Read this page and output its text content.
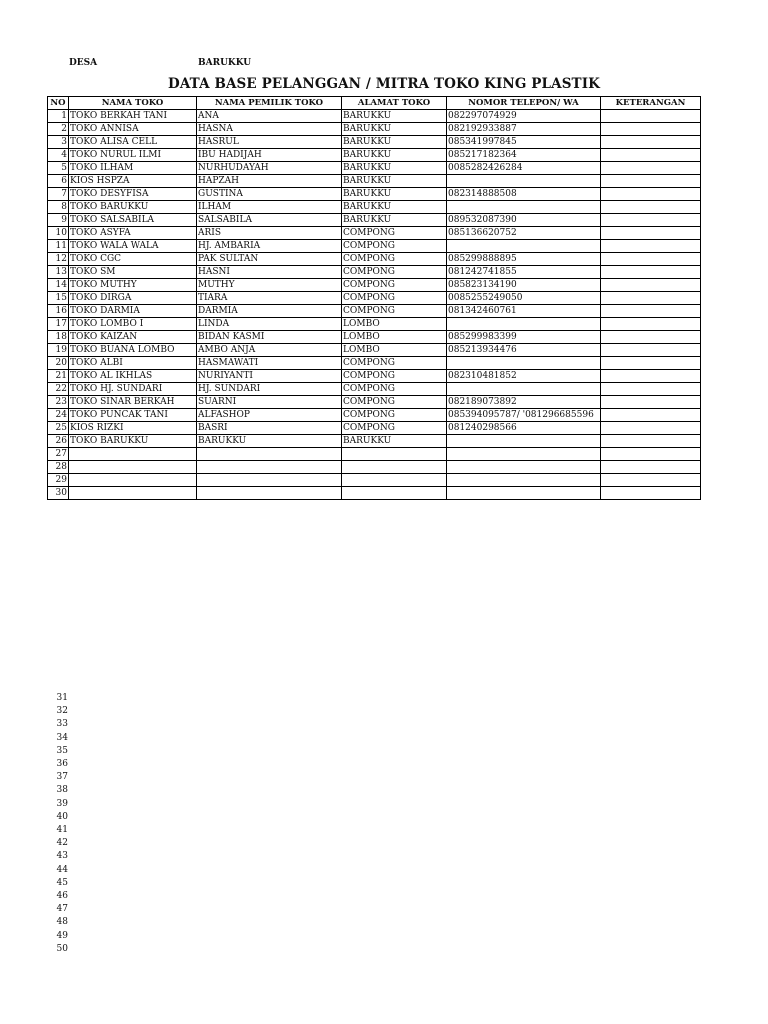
DESA	BARUKKU
DATA BASE PELANGGAN / MITRA TOKO KING PLASTIK
NO	NAMA TOKO	NAMA PEMILIK TOKO	ALAMAT TOKO	NOMOR TELEPON/ WA	KETERANGAN
1	TOKO BERKAH TANI	ANA	BARUKKU	082297074929	
2	TOKO ANNISA	HASNA	BARUKKU	082192933887	
3	TOKO ALISA CELL	HASRUL	BARUKKU	085341997845	
4	TOKO NURUL ILMI	IBU HADIJAH	BARUKKU	085217182364	
5	TOKO ILHAM	NURHUDAYAH	BARUKKU	0085282426284	
6	KIOS HSPZA	HAPZAH	BARUKKU		
7	TOKO DESYFISA	GUSTINA	BARUKKU	082314888508	
8	TOKO BARUKKU	ILHAM	BARUKKU		
9	TOKO SALSABILA	SALSABILA	BARUKKU	089532087390	
10	TOKO ASYFA	ARIS	COMPONG	085136620752	
11	TOKO WALA WALA	HJ. AMBARIA	COMPONG		
12	TOKO CGC	PAK SULTAN	COMPONG	085299888895	
13	TOKO SM	HASNI	COMPONG	081242741855	
14	TOKO MUTHY	MUTHY	COMPONG	085823134190	
15	TOKO DIRGA	TIARA	COMPONG	0085255249050	
16	TOKO DARMIA	DARMIA	COMPONG	081342460761	
17	TOKO LOMBO I	LINDA	LOMBO		
18	TOKO KAIZAN	BIDAN KASMI	LOMBO	085299983399	
19	TOKO BUANA LOMBO	AMBO ANJA	LOMBO	085213934476	
20	TOKO ALBI	HASMAWATI	COMPONG		
21	TOKO AL IKHLAS	NURIYANTI	COMPONG	082310481852	
22	TOKO HJ. SUNDARI	HJ. SUNDARI	COMPONG		
23	TOKO SINAR BERKAH	SUARNI	COMPONG	082189073892	
24	TOKO PUNCAK TANI	ALFASHOP	COMPONG	085394095787/ '081296685596	
25	KIOS RIZKI	BASRI	COMPONG	081240298566	
26	TOKO BARUKKU	BARUKKU	BARUKKU		
27					
28					
29					
30					
31
32
33
34
35
36
37
38
39
40
41
42
43
44
45
46
47
48
49
50
